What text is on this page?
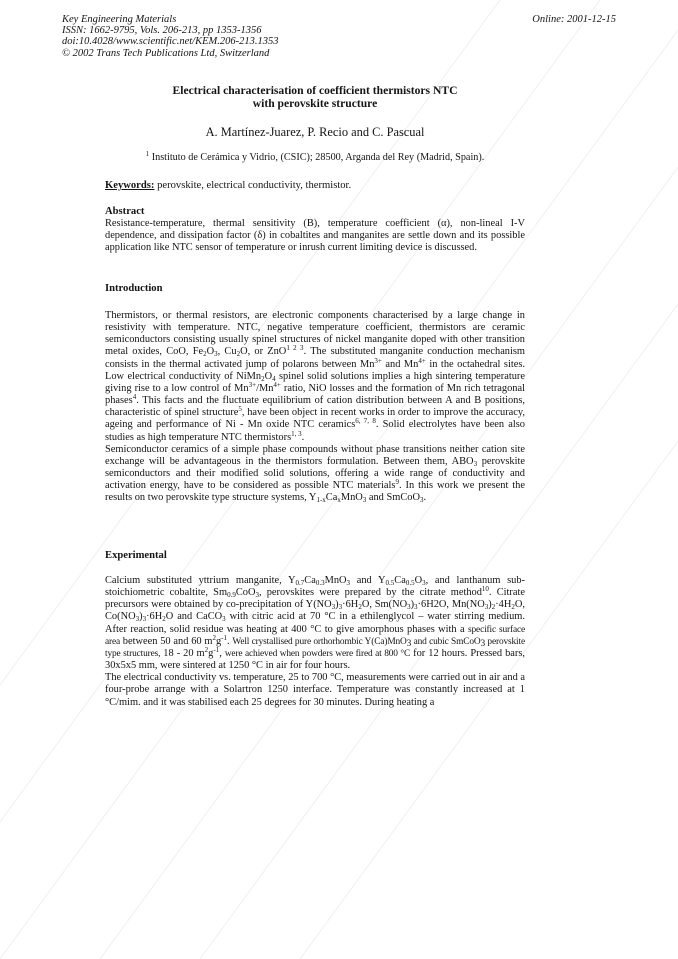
Key Engineering Materials
ISSN: 1662-9795, Vols. 206-213, pp 1353-1356
doi:10.4028/www.scientific.net/KEM.206-213.1353
© 2002 Trans Tech Publications Ltd, Switzerland
Online: 2001-12-15
Electrical characterisation of coefficient thermistors NTC
with perovskite structure
A. Martínez-Juarez, P. Recio and C. Pascual
$^1$ Instituto de Cerámica y Vidrio, (CSIC); 28500, Arganda del Rey (Madrid, Spain).
Keywords: perovskite, electrical conductivity, thermistor.
Abstract

Resistance-temperature, thermal sensitivity (B), temperature coefficient (α), non-lineal I-V dependence, and dissipation factor (δ) in cobaltites and manganites are settle down and its possible application like NTC sensor of temperature or inrush current limiting device is discussed.

Introduction

Thermistors, or thermal resistors, are electronic components characterised by a large change in resistivity with temperature. NTC, negative temperature coefficient, thermistors are ceramic semiconductors consisting usually spinel structures of nickel manganite doped with other transition metal oxides, CoO, $Fe_2O_3$, $Cu_2O$, or ZnO$^{1 2 3}$. The substituted manganite conduction mechanism consists in the thermal activated jump of polarons between $Mn^{3+}$ and $Mn^{4+}$ in the octahedral sites. Low electrical conductivity of $NiMn_2O_4$ spinel solid solutions implies a high sintering temperature giving rise to a low control of $Mn^{3+}/Mn^{4+}$ ratio, NiO losses and the formation of Mn rich tetragonal phases$^4$. This facts and the fluctuate equilibrium of cation distribution between A and B positions, characteristic of spinel structure$^5$, have been object in recent works in order to improve the accuracy, ageing and performance of Ni - Mn oxide NTC ceramics$^{6, 7, 8}$. Solid electrolytes have been also studies as high temperature NTC thermistors$^{1, 3}$.

Semiconductor ceramics of a simple phase compounds without phase transitions neither cation site exchange will be advantageous in the thermistors formulation. Between them, $ABO_3$ perovskite semiconductors and their modified solid solutions, offering a wide range of conductivity and activation energy, have to be considered as possible NTC materials$^9$. In this work we present the results on two perovskite type structure systems, $Y_{1-x}Ca_xMnO_3$ and SmCoO$_3$.

Experimental

Calcium substituted yttrium manganite, $Y_{0.7}Ca_{0.3}MnO_3$ and $Y_{0.5}Ca_{0.5}O_3$, and lanthanum sub-stoichiometric cobaltite, $Sm_{0.9}CoO_3$, perovskites were prepared by the citrate method$^{10}$. Citrate precursors were obtained by co-precipitation of $Y(NO_3)_3\cdot 6H_2O$, $Sm(NO_3)_3\cdot 6H2O$, $Mn(NO_3)_2\cdot 4H_2O$, $Co(NO_3)_3\cdot 6H_2O$ and CaCO$_3$ with citric acid at 70 °C in a ethilenglycol – water stirring medium. After reaction, solid residue was heating at 400 °C to give amorphous phases with a specific surface area between 50 and 60 $m^2g^{-1}$. Well crystallised pure orthorhombic Y(Ca)MnO$_3$ and cubic SmCoO$_3$ perovskite type structures, 18 - 20 $m^2g^{-1}$, were achieved when powders were fired at 800 °C for 12 hours. Pressed bars, 30x5x5 mm, were sintered at 1250 °C in air for four hours.

The electrical conductivity vs. temperature, 25 to 700 °C, measurements were carried out in air and a four-probe arrange with a Solartron 1250 interface. Temperature was constantly increased at 1 °C/mim. and it was stabilised each 25 degrees for 30 minutes. During heating a
